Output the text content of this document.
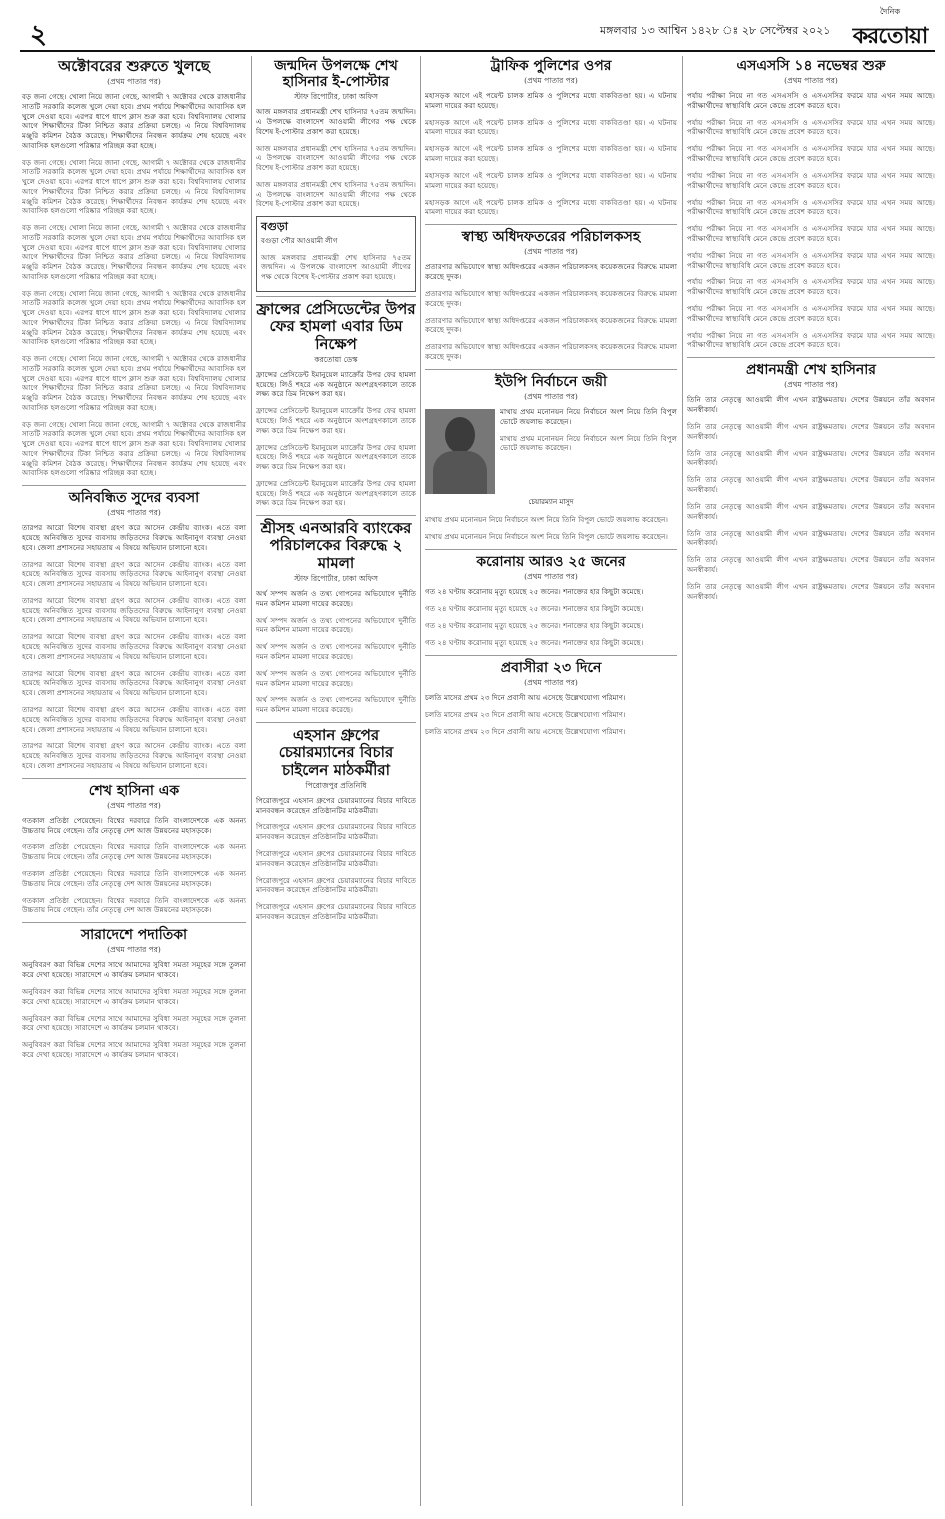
২	মঙ্গলবার ১৩ আশ্বিন ১৪২৮ ঃ ২৮ সেপ্টেম্বর ২০২১
দৈনিক
করতোয়া
অক্টোবরের শুরুতে খুলছে
(প্রথম পাতার পর)

বড় জন্য গেছে। খোলা নিয়ে জানা গেছে, আগামী ৭ অক্টোবর থেকে রাজধানীর সাতটি সরকারি কলেজ খুলে দেয়া হবে। প্রথম পর্যায়ে শিক্ষার্থীদের আবাসিক হল খুলে দেওয়া হবে। এরপর ধাপে ধাপে ক্লাস শুরু করা হবে। বিশ্ববিদ্যালয় খোলার আগে শিক্ষার্থীদের টিকা নিশ্চিত করার প্রক্রিয়া চলছে। এ নিয়ে বিশ্ববিদ্যালয় মঞ্জুরি কমিশন বৈঠক করেছে। শিক্ষার্থীদের নিবন্ধন কার্যক্রম শেষ হয়েছে এবং আবাসিক হলগুলো পরিষ্কার পরিচ্ছন্ন করা হচ্ছে।

বড় জন্য গেছে। খোলা নিয়ে জানা গেছে, আগামী ৭ অক্টোবর থেকে রাজধানীর সাতটি সরকারি কলেজ খুলে দেয়া হবে। প্রথম পর্যায়ে শিক্ষার্থীদের আবাসিক হল খুলে দেওয়া হবে। এরপর ধাপে ধাপে ক্লাস শুরু করা হবে। বিশ্ববিদ্যালয় খোলার আগে শিক্ষার্থীদের টিকা নিশ্চিত করার প্রক্রিয়া চলছে। এ নিয়ে বিশ্ববিদ্যালয় মঞ্জুরি কমিশন বৈঠক করেছে। শিক্ষার্থীদের নিবন্ধন কার্যক্রম শেষ হয়েছে এবং আবাসিক হলগুলো পরিষ্কার পরিচ্ছন্ন করা হচ্ছে।

বড় জন্য গেছে। খোলা নিয়ে জানা গেছে, আগামী ৭ অক্টোবর থেকে রাজধানীর সাতটি সরকারি কলেজ খুলে দেয়া হবে। প্রথম পর্যায়ে শিক্ষার্থীদের আবাসিক হল খুলে দেওয়া হবে। এরপর ধাপে ধাপে ক্লাস শুরু করা হবে। বিশ্ববিদ্যালয় খোলার আগে শিক্ষার্থীদের টিকা নিশ্চিত করার প্রক্রিয়া চলছে। এ নিয়ে বিশ্ববিদ্যালয় মঞ্জুরি কমিশন বৈঠক করেছে। শিক্ষার্থীদের নিবন্ধন কার্যক্রম শেষ হয়েছে এবং আবাসিক হলগুলো পরিষ্কার পরিচ্ছন্ন করা হচ্ছে।

বড় জন্য গেছে। খোলা নিয়ে জানা গেছে, আগামী ৭ অক্টোবর থেকে রাজধানীর সাতটি সরকারি কলেজ খুলে দেয়া হবে। প্রথম পর্যায়ে শিক্ষার্থীদের আবাসিক হল খুলে দেওয়া হবে। এরপর ধাপে ধাপে ক্লাস শুরু করা হবে। বিশ্ববিদ্যালয় খোলার আগে শিক্ষার্থীদের টিকা নিশ্চিত করার প্রক্রিয়া চলছে। এ নিয়ে বিশ্ববিদ্যালয় মঞ্জুরি কমিশন বৈঠক করেছে। শিক্ষার্থীদের নিবন্ধন কার্যক্রম শেষ হয়েছে এবং আবাসিক হলগুলো পরিষ্কার পরিচ্ছন্ন করা হচ্ছে।

বড় জন্য গেছে। খোলা নিয়ে জানা গেছে, আগামী ৭ অক্টোবর থেকে রাজধানীর সাতটি সরকারি কলেজ খুলে দেয়া হবে। প্রথম পর্যায়ে শিক্ষার্থীদের আবাসিক হল খুলে দেওয়া হবে। এরপর ধাপে ধাপে ক্লাস শুরু করা হবে। বিশ্ববিদ্যালয় খোলার আগে শিক্ষার্থীদের টিকা নিশ্চিত করার প্রক্রিয়া চলছে। এ নিয়ে বিশ্ববিদ্যালয় মঞ্জুরি কমিশন বৈঠক করেছে। শিক্ষার্থীদের নিবন্ধন কার্যক্রম শেষ হয়েছে এবং আবাসিক হলগুলো পরিষ্কার পরিচ্ছন্ন করা হচ্ছে।

বড় জন্য গেছে। খোলা নিয়ে জানা গেছে, আগামী ৭ অক্টোবর থেকে রাজধানীর সাতটি সরকারি কলেজ খুলে দেয়া হবে। প্রথম পর্যায়ে শিক্ষার্থীদের আবাসিক হল খুলে দেওয়া হবে। এরপর ধাপে ধাপে ক্লাস শুরু করা হবে। বিশ্ববিদ্যালয় খোলার আগে শিক্ষার্থীদের টিকা নিশ্চিত করার প্রক্রিয়া চলছে। এ নিয়ে বিশ্ববিদ্যালয় মঞ্জুরি কমিশন বৈঠক করেছে। শিক্ষার্থীদের নিবন্ধন কার্যক্রম শেষ হয়েছে এবং আবাসিক হলগুলো পরিষ্কার পরিচ্ছন্ন করা হচ্ছে।

অনিবন্ধিত সুদের ব্যবসা
(প্রথম পাতার পর)

তারপর আরো বিশেষ ব্যবস্থা গ্রহণ করে আসেন কেন্দ্রীয় ব্যাংক। এতে বলা হয়েছে অনিবন্ধিত সুদের ব্যবসায় জড়িতদের বিরুদ্ধে আইনানুগ ব্যবস্থা নেওয়া হবে। জেলা প্রশাসনের সহায়তায় এ বিষয়ে অভিযান চালানো হবে।

তারপর আরো বিশেষ ব্যবস্থা গ্রহণ করে আসেন কেন্দ্রীয় ব্যাংক। এতে বলা হয়েছে অনিবন্ধিত সুদের ব্যবসায় জড়িতদের বিরুদ্ধে আইনানুগ ব্যবস্থা নেওয়া হবে। জেলা প্রশাসনের সহায়তায় এ বিষয়ে অভিযান চালানো হবে।

তারপর আরো বিশেষ ব্যবস্থা গ্রহণ করে আসেন কেন্দ্রীয় ব্যাংক। এতে বলা হয়েছে অনিবন্ধিত সুদের ব্যবসায় জড়িতদের বিরুদ্ধে আইনানুগ ব্যবস্থা নেওয়া হবে। জেলা প্রশাসনের সহায়তায় এ বিষয়ে অভিযান চালানো হবে।

তারপর আরো বিশেষ ব্যবস্থা গ্রহণ করে আসেন কেন্দ্রীয় ব্যাংক। এতে বলা হয়েছে অনিবন্ধিত সুদের ব্যবসায় জড়িতদের বিরুদ্ধে আইনানুগ ব্যবস্থা নেওয়া হবে। জেলা প্রশাসনের সহায়তায় এ বিষয়ে অভিযান চালানো হবে।

তারপর আরো বিশেষ ব্যবস্থা গ্রহণ করে আসেন কেন্দ্রীয় ব্যাংক। এতে বলা হয়েছে অনিবন্ধিত সুদের ব্যবসায় জড়িতদের বিরুদ্ধে আইনানুগ ব্যবস্থা নেওয়া হবে। জেলা প্রশাসনের সহায়তায় এ বিষয়ে অভিযান চালানো হবে।

তারপর আরো বিশেষ ব্যবস্থা গ্রহণ করে আসেন কেন্দ্রীয় ব্যাংক। এতে বলা হয়েছে অনিবন্ধিত সুদের ব্যবসায় জড়িতদের বিরুদ্ধে আইনানুগ ব্যবস্থা নেওয়া হবে। জেলা প্রশাসনের সহায়তায় এ বিষয়ে অভিযান চালানো হবে।

তারপর আরো বিশেষ ব্যবস্থা গ্রহণ করে আসেন কেন্দ্রীয় ব্যাংক। এতে বলা হয়েছে অনিবন্ধিত সুদের ব্যবসায় জড়িতদের বিরুদ্ধে আইনানুগ ব্যবস্থা নেওয়া হবে। জেলা প্রশাসনের সহায়তায় এ বিষয়ে অভিযান চালানো হবে।

শেখ হাসিনা এক
(প্রথম পাতার পর)

গতকাল প্রতিষ্ঠা পেয়েছেন। বিশ্বের দরবারে তিনি বাংলাদেশকে এক অনন্য উচ্চতায় নিয়ে গেছেন। তাঁর নেতৃত্বে দেশ আজ উন্নয়নের মহাসড়কে।

গতকাল প্রতিষ্ঠা পেয়েছেন। বিশ্বের দরবারে তিনি বাংলাদেশকে এক অনন্য উচ্চতায় নিয়ে গেছেন। তাঁর নেতৃত্বে দেশ আজ উন্নয়নের মহাসড়কে।

গতকাল প্রতিষ্ঠা পেয়েছেন। বিশ্বের দরবারে তিনি বাংলাদেশকে এক অনন্য উচ্চতায় নিয়ে গেছেন। তাঁর নেতৃত্বে দেশ আজ উন্নয়নের মহাসড়কে।

গতকাল প্রতিষ্ঠা পেয়েছেন। বিশ্বের দরবারে তিনি বাংলাদেশকে এক অনন্য উচ্চতায় নিয়ে গেছেন। তাঁর নেতৃত্বে দেশ আজ উন্নয়নের মহাসড়কে।

সারাদেশে পদাতিকা
(প্রথম পাতার পর)

অনুবিবরণ করা বিভিন্ন দেশের সাথে আমাদের সুবিধা সমতা সমূহের সঙ্গে তুলনা করে দেখা হয়েছে। সারাদেশে এ কার্যক্রম চলমান থাকবে।

অনুবিবরণ করা বিভিন্ন দেশের সাথে আমাদের সুবিধা সমতা সমূহের সঙ্গে তুলনা করে দেখা হয়েছে। সারাদেশে এ কার্যক্রম চলমান থাকবে।

অনুবিবরণ করা বিভিন্ন দেশের সাথে আমাদের সুবিধা সমতা সমূহের সঙ্গে তুলনা করে দেখা হয়েছে। সারাদেশে এ কার্যক্রম চলমান থাকবে।

অনুবিবরণ করা বিভিন্ন দেশের সাথে আমাদের সুবিধা সমতা সমূহের সঙ্গে তুলনা করে দেখা হয়েছে। সারাদেশে এ কার্যক্রম চলমান থাকবে।

জন্মদিন উপলক্ষে শেখ হাসিনার ই-পোস্টার
স্টাফ রিপোর্টার, ঢাকা অফিস

আজ মঙ্গলবার প্রধানমন্ত্রী শেখ হাসিনার ৭৫তম জন্মদিন। এ উপলক্ষে বাংলাদেশ আওয়ামী লীগের পক্ষ থেকে বিশেষ ই-পোস্টার প্রকাশ করা হয়েছে।

আজ মঙ্গলবার প্রধানমন্ত্রী শেখ হাসিনার ৭৫তম জন্মদিন। এ উপলক্ষে বাংলাদেশ আওয়ামী লীগের পক্ষ থেকে বিশেষ ই-পোস্টার প্রকাশ করা হয়েছে।

আজ মঙ্গলবার প্রধানমন্ত্রী শেখ হাসিনার ৭৫তম জন্মদিন। এ উপলক্ষে বাংলাদেশ আওয়ামী লীগের পক্ষ থেকে বিশেষ ই-পোস্টার প্রকাশ করা হয়েছে।

বগুড়া

বগুড়া পৌর আওয়ামী লীগ

আজ মঙ্গলবার প্রধানমন্ত্রী শেখ হাসিনার ৭৫তম জন্মদিন। এ উপলক্ষে বাংলাদেশ আওয়ামী লীগের পক্ষ থেকে বিশেষ ই-পোস্টার প্রকাশ করা হয়েছে।

ফ্রান্সের প্রেসিডেন্টের উপর ফের হামলা এবার ডিম নিক্ষেপ
করতোয়া ডেস্ক

ফ্রান্সের প্রেসিডেন্ট ইমানুয়েল ম্যাক্রোঁর উপর ফের হামলা হয়েছে। লিওঁ শহরে এক অনুষ্ঠানে অংশগ্রহণকালে তাকে লক্ষ্য করে ডিম নিক্ষেপ করা হয়।

ফ্রান্সের প্রেসিডেন্ট ইমানুয়েল ম্যাক্রোঁর উপর ফের হামলা হয়েছে। লিওঁ শহরে এক অনুষ্ঠানে অংশগ্রহণকালে তাকে লক্ষ্য করে ডিম নিক্ষেপ করা হয়।

ফ্রান্সের প্রেসিডেন্ট ইমানুয়েল ম্যাক্রোঁর উপর ফের হামলা হয়েছে। লিওঁ শহরে এক অনুষ্ঠানে অংশগ্রহণকালে তাকে লক্ষ্য করে ডিম নিক্ষেপ করা হয়।

ফ্রান্সের প্রেসিডেন্ট ইমানুয়েল ম্যাক্রোঁর উপর ফের হামলা হয়েছে। লিওঁ শহরে এক অনুষ্ঠানে অংশগ্রহণকালে তাকে লক্ষ্য করে ডিম নিক্ষেপ করা হয়।

শ্রীসহ এনআরবি ব্যাংকের পরিচালকের বিরুদ্ধে ২ মামলা
স্টাফ রিপোর্টার, ঢাকা অফিস

অর্থ সম্পদ অর্জন ও তথ্য গোপনের অভিযোগে দুর্নীতি দমন কমিশন মামলা দায়ের করেছে।

অর্থ সম্পদ অর্জন ও তথ্য গোপনের অভিযোগে দুর্নীতি দমন কমিশন মামলা দায়ের করেছে।

অর্থ সম্পদ অর্জন ও তথ্য গোপনের অভিযোগে দুর্নীতি দমন কমিশন মামলা দায়ের করেছে।

অর্থ সম্পদ অর্জন ও তথ্য গোপনের অভিযোগে দুর্নীতি দমন কমিশন মামলা দায়ের করেছে।

অর্থ সম্পদ অর্জন ও তথ্য গোপনের অভিযোগে দুর্নীতি দমন কমিশন মামলা দায়ের করেছে।

এহসান গ্রুপের চেয়ারম্যানের বিচার চাইলেন মাঠকর্মীরা
পিরোজপুর প্রতিনিধি

পিরোজপুরে এহসান গ্রুপের চেয়ারম্যানের বিচার দাবিতে মানববন্ধন করেছেন প্রতিষ্ঠানটির মাঠকর্মীরা।

পিরোজপুরে এহসান গ্রুপের চেয়ারম্যানের বিচার দাবিতে মানববন্ধন করেছেন প্রতিষ্ঠানটির মাঠকর্মীরা।

পিরোজপুরে এহসান গ্রুপের চেয়ারম্যানের বিচার দাবিতে মানববন্ধন করেছেন প্রতিষ্ঠানটির মাঠকর্মীরা।

পিরোজপুরে এহসান গ্রুপের চেয়ারম্যানের বিচার দাবিতে মানববন্ধন করেছেন প্রতিষ্ঠানটির মাঠকর্মীরা।

পিরোজপুরে এহসান গ্রুপের চেয়ারম্যানের বিচার দাবিতে মানববন্ধন করেছেন প্রতিষ্ঠানটির মাঠকর্মীরা।

ট্রাফিক পুলিশের ওপর
(প্রথম পাতার পর)

মহাসড়ক আগে এই পয়েন্ট চালক শ্রমিক ও পুলিশের মধ্যে বাকবিতণ্ডা হয়। এ ঘটনায় মামলা দায়ের করা হয়েছে।

মহাসড়ক আগে এই পয়েন্ট চালক শ্রমিক ও পুলিশের মধ্যে বাকবিতণ্ডা হয়। এ ঘটনায় মামলা দায়ের করা হয়েছে।

মহাসড়ক আগে এই পয়েন্ট চালক শ্রমিক ও পুলিশের মধ্যে বাকবিতণ্ডা হয়। এ ঘটনায় মামলা দায়ের করা হয়েছে।

মহাসড়ক আগে এই পয়েন্ট চালক শ্রমিক ও পুলিশের মধ্যে বাকবিতণ্ডা হয়। এ ঘটনায় মামলা দায়ের করা হয়েছে।

মহাসড়ক আগে এই পয়েন্ট চালক শ্রমিক ও পুলিশের মধ্যে বাকবিতণ্ডা হয়। এ ঘটনায় মামলা দায়ের করা হয়েছে।

স্বাস্থ্য অধিদফতরের পরিচালকসহ
(প্রথম পাতার পর)

প্রতারণার অভিযোগে স্বাস্থ্য অধিদপ্তরের একজন পরিচালকসহ কয়েকজনের বিরুদ্ধে মামলা করেছে দুদক।

প্রতারণার অভিযোগে স্বাস্থ্য অধিদপ্তরের একজন পরিচালকসহ কয়েকজনের বিরুদ্ধে মামলা করেছে দুদক।

প্রতারণার অভিযোগে স্বাস্থ্য অধিদপ্তরের একজন পরিচালকসহ কয়েকজনের বিরুদ্ধে মামলা করেছে দুদক।

প্রতারণার অভিযোগে স্বাস্থ্য অধিদপ্তরের একজন পরিচালকসহ কয়েকজনের বিরুদ্ধে মামলা করেছে দুদক।

ইউপি নির্বাচনে জয়ী
(প্রথম পাতার পর)

মাথায় প্রথম মনোনয়ন নিয়ে নির্বাচনে অংশ নিয়ে তিনি বিপুল ভোটে জয়লাভ করেছেন।

মাথায় প্রথম মনোনয়ন নিয়ে নির্বাচনে অংশ নিয়ে তিনি বিপুল ভোটে জয়লাভ করেছেন।

চেয়ারম্যান মাসুদ

মাথায় প্রথম মনোনয়ন নিয়ে নির্বাচনে অংশ নিয়ে তিনি বিপুল ভোটে জয়লাভ করেছেন।

মাথায় প্রথম মনোনয়ন নিয়ে নির্বাচনে অংশ নিয়ে তিনি বিপুল ভোটে জয়লাভ করেছেন।

করোনায় আরও ২৫ জনের
(প্রথম পাতার পর)

গত ২৪ ঘণ্টায় করোনায় মৃত্যু হয়েছে ২৫ জনের। শনাক্তের হার কিছুটা কমেছে।

গত ২৪ ঘণ্টায় করোনায় মৃত্যু হয়েছে ২৫ জনের। শনাক্তের হার কিছুটা কমেছে।

গত ২৪ ঘণ্টায় করোনায় মৃত্যু হয়েছে ২৫ জনের। শনাক্তের হার কিছুটা কমেছে।

গত ২৪ ঘণ্টায় করোনায় মৃত্যু হয়েছে ২৫ জনের। শনাক্তের হার কিছুটা কমেছে।

প্রবাসীরা ২৩ দিনে
(প্রথম পাতার পর)

চলতি মাসের প্রথম ২৩ দিনে প্রবাসী আয় এসেছে উল্লেখযোগ্য পরিমাণ।

চলতি মাসের প্রথম ২৩ দিনে প্রবাসী আয় এসেছে উল্লেখযোগ্য পরিমাণ।

চলতি মাসের প্রথম ২৩ দিনে প্রবাসী আয় এসেছে উল্লেখযোগ্য পরিমাণ।

এসএসসি ১৪ নভেম্বর শুরু
(প্রথম পাতার পর)

পর্যায় পরীক্ষা নিয়ে না গত এসএসসি ও এসএসসির ফরমে যার এখন সময় আছে। পরীক্ষার্থীদের স্বাস্থ্যবিধি মেনে কেন্দ্রে প্রবেশ করতে হবে।

পর্যায় পরীক্ষা নিয়ে না গত এসএসসি ও এসএসসির ফরমে যার এখন সময় আছে। পরীক্ষার্থীদের স্বাস্থ্যবিধি মেনে কেন্দ্রে প্রবেশ করতে হবে।

পর্যায় পরীক্ষা নিয়ে না গত এসএসসি ও এসএসসির ফরমে যার এখন সময় আছে। পরীক্ষার্থীদের স্বাস্থ্যবিধি মেনে কেন্দ্রে প্রবেশ করতে হবে।

পর্যায় পরীক্ষা নিয়ে না গত এসএসসি ও এসএসসির ফরমে যার এখন সময় আছে। পরীক্ষার্থীদের স্বাস্থ্যবিধি মেনে কেন্দ্রে প্রবেশ করতে হবে।

পর্যায় পরীক্ষা নিয়ে না গত এসএসসি ও এসএসসির ফরমে যার এখন সময় আছে। পরীক্ষার্থীদের স্বাস্থ্যবিধি মেনে কেন্দ্রে প্রবেশ করতে হবে।

পর্যায় পরীক্ষা নিয়ে না গত এসএসসি ও এসএসসির ফরমে যার এখন সময় আছে। পরীক্ষার্থীদের স্বাস্থ্যবিধি মেনে কেন্দ্রে প্রবেশ করতে হবে।

পর্যায় পরীক্ষা নিয়ে না গত এসএসসি ও এসএসসির ফরমে যার এখন সময় আছে। পরীক্ষার্থীদের স্বাস্থ্যবিধি মেনে কেন্দ্রে প্রবেশ করতে হবে।

পর্যায় পরীক্ষা নিয়ে না গত এসএসসি ও এসএসসির ফরমে যার এখন সময় আছে। পরীক্ষার্থীদের স্বাস্থ্যবিধি মেনে কেন্দ্রে প্রবেশ করতে হবে।

পর্যায় পরীক্ষা নিয়ে না গত এসএসসি ও এসএসসির ফরমে যার এখন সময় আছে। পরীক্ষার্থীদের স্বাস্থ্যবিধি মেনে কেন্দ্রে প্রবেশ করতে হবে।

পর্যায় পরীক্ষা নিয়ে না গত এসএসসি ও এসএসসির ফরমে যার এখন সময় আছে। পরীক্ষার্থীদের স্বাস্থ্যবিধি মেনে কেন্দ্রে প্রবেশ করতে হবে।

প্রধানমন্ত্রী শেখ হাসিনার
(প্রথম পাতার পর)

তিনি তার নেতৃত্বে আওয়ামী লীগ এখন রাষ্ট্রক্ষমতায়। দেশের উন্নয়নে তাঁর অবদান অনস্বীকার্য।

তিনি তার নেতৃত্বে আওয়ামী লীগ এখন রাষ্ট্রক্ষমতায়। দেশের উন্নয়নে তাঁর অবদান অনস্বীকার্য।

তিনি তার নেতৃত্বে আওয়ামী লীগ এখন রাষ্ট্রক্ষমতায়। দেশের উন্নয়নে তাঁর অবদান অনস্বীকার্য।

তিনি তার নেতৃত্বে আওয়ামী লীগ এখন রাষ্ট্রক্ষমতায়। দেশের উন্নয়নে তাঁর অবদান অনস্বীকার্য।

তিনি তার নেতৃত্বে আওয়ামী লীগ এখন রাষ্ট্রক্ষমতায়। দেশের উন্নয়নে তাঁর অবদান অনস্বীকার্য।

তিনি তার নেতৃত্বে আওয়ামী লীগ এখন রাষ্ট্রক্ষমতায়। দেশের উন্নয়নে তাঁর অবদান অনস্বীকার্য।

তিনি তার নেতৃত্বে আওয়ামী লীগ এখন রাষ্ট্রক্ষমতায়। দেশের উন্নয়নে তাঁর অবদান অনস্বীকার্য।

তিনি তার নেতৃত্বে আওয়ামী লীগ এখন রাষ্ট্রক্ষমতায়। দেশের উন্নয়নে তাঁর অবদান অনস্বীকার্য।
